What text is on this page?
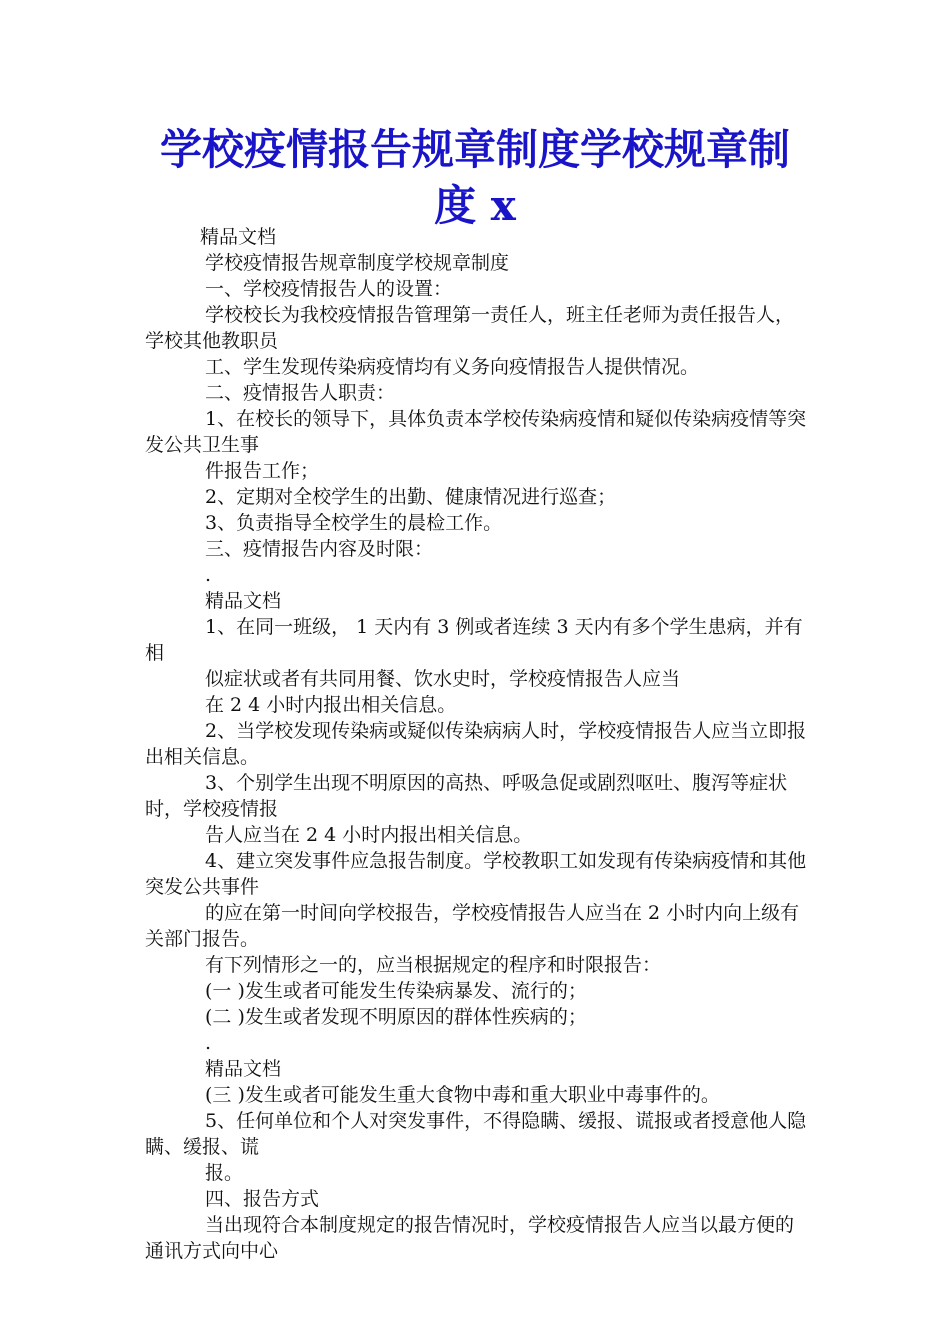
学校疫情报告规章制度学校规章制度 x

精品文档

学校疫情报告规章制度学校规章制度

一、学校疫情报告人的设置：

学校校长为我校疫情报告管理第一责任人，班主任老师为责任报告人，学校其他教职员

工、学生发现传染病疫情均有义务向疫情报告人提供情况。

二、疫情报告人职责：

1、在校长的领导下，具体负责本学校传染病疫情和疑似传染病疫情等突发公共卫生事

件报告工作；

2、定期对全校学生的出勤、健康情况进行巡查；

3、负责指导全校学生的晨检工作。

三、疫情报告内容及时限：

.

精品文档

1、在同一班级， 1 天内有 3 例或者连续 3 天内有多个学生患病，并有相

似症状或者有共同用餐、饮水史时，学校疫情报告人应当

在 2 4 小时内报出相关信息。

2、当学校发现传染病或疑似传染病病人时，学校疫情报告人应当立即报出相关信息。

3、个别学生出现不明原因的高热、呼吸急促或剧烈呕吐、腹泻等症状时，学校疫情报

告人应当在 2 4 小时内报出相关信息。

4、建立突发事件应急报告制度。学校教职工如发现有传染病疫情和其他突发公共事件

的应在第一时间向学校报告，学校疫情报告人应当在 2 小时内向上级有关部门报告。

有下列情形之一的，应当根据规定的程序和时限报告：

(一 )发生或者可能发生传染病暴发、流行的；

(二 )发生或者发现不明原因的群体性疾病的；

.

精品文档

(三 )发生或者可能发生重大食物中毒和重大职业中毒事件的。

5、任何单位和个人对突发事件，不得隐瞒、缓报、谎报或者授意他人隐瞒、缓报、谎

报。

四、报告方式

当出现符合本制度规定的报告情况时，学校疫情报告人应当以最方便的通讯方式向中心
